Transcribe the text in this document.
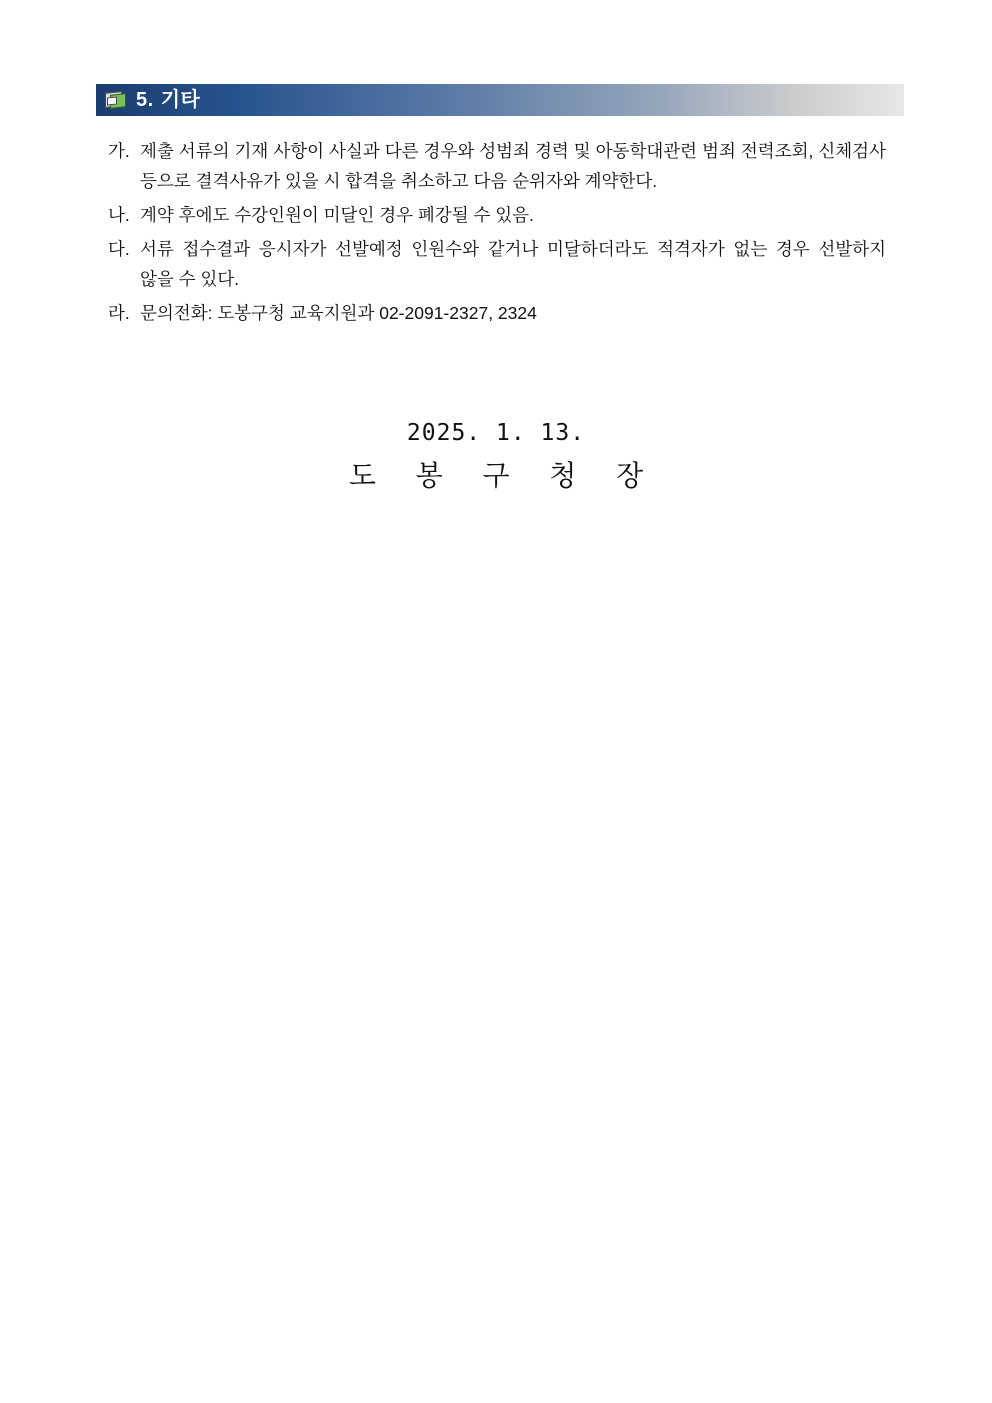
5. 기타
가. 제출 서류의 기재 사항이 사실과 다른 경우와 성범죄 경력 및 아동학대관련 범죄 전력조회, 신체검사 등으로 결격사유가 있을 시 합격을 취소하고 다음 순위자와 계약한다.
나. 계약 후에도 수강인원이 미달인 경우 폐강될 수 있음.
다. 서류 접수결과 응시자가 선발예정 인원수와 같거나 미달하더라도 적격자가 없는 경우 선발하지 않을 수 있다.
라. 문의전화: 도봉구청 교육지원과 02-2091-2327, 2324
2025. 1. 13.
도 봉 구 청 장
